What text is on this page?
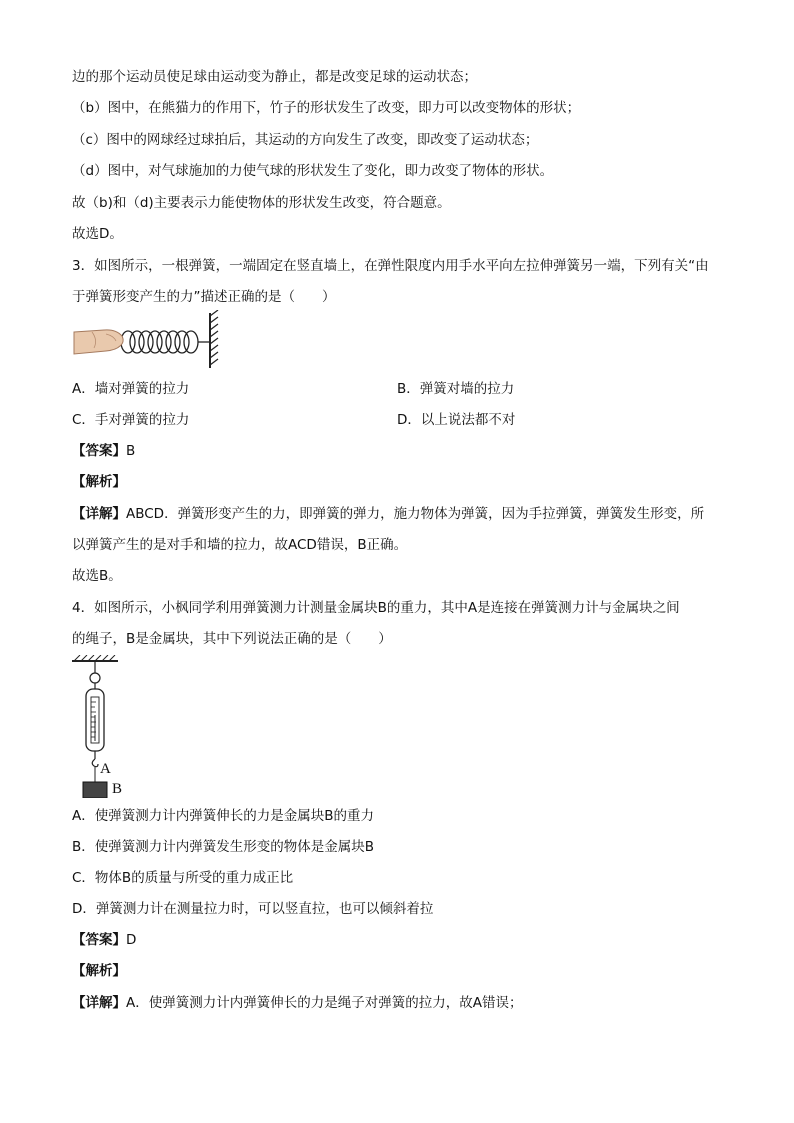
边的那个运动员使足球由运动变为静止，都是改变足球的运动状态；
（b）图中，在熊猫力的作用下，竹子的形状发生了改变，即力可以改变物体的形状；
（c）图中的网球经过球拍后，其运动的方向发生了改变，即改变了运动状态；
（d）图中，对气球施加的力使气球的形状发生了变化，即力改变了物体的形状。
故（b)和（d)主要表示力能使物体的形状发生改变，符合题意。
故选D。
3．如图所示，一根弹簧，一端固定在竖直墙上，在弹性限度内用手水平向左拉伸弹簧另一端，下列有关“由
于弹簧形变产生的力”描述正确的是（　　）
A．墙对弹簧的拉力	B．弹簧对墙的拉力
C．手对弹簧的拉力	D．以上说法都不对
【答案】B
【解析】
【详解】ABCD．弹簧形变产生的力，即弹簧的弹力，施力物体为弹簧，因为手拉弹簧，弹簧发生形变，所
以弹簧产生的是对手和墙的拉力，故ACD错误，B正确。
故选B。
4．如图所示，小枫同学利用弹簧测力计测量金属块B的重力，其中A是连接在弹簧测力计与金属块之间
的绳子，B是金属块，其中下列说法正确的是（　　）
A
B
A．使弹簧测力计内弹簧伸长的力是金属块B的重力
B．使弹簧测力计内弹簧发生形变的物体是金属块B
C．物体B的质量与所受的重力成正比
D．弹簧测力计在测量拉力时，可以竖直拉，也可以倾斜着拉
【答案】D
【解析】
【详解】A．使弹簧测力计内弹簧伸长的力是绳子对弹簧的拉力，故A错误；
